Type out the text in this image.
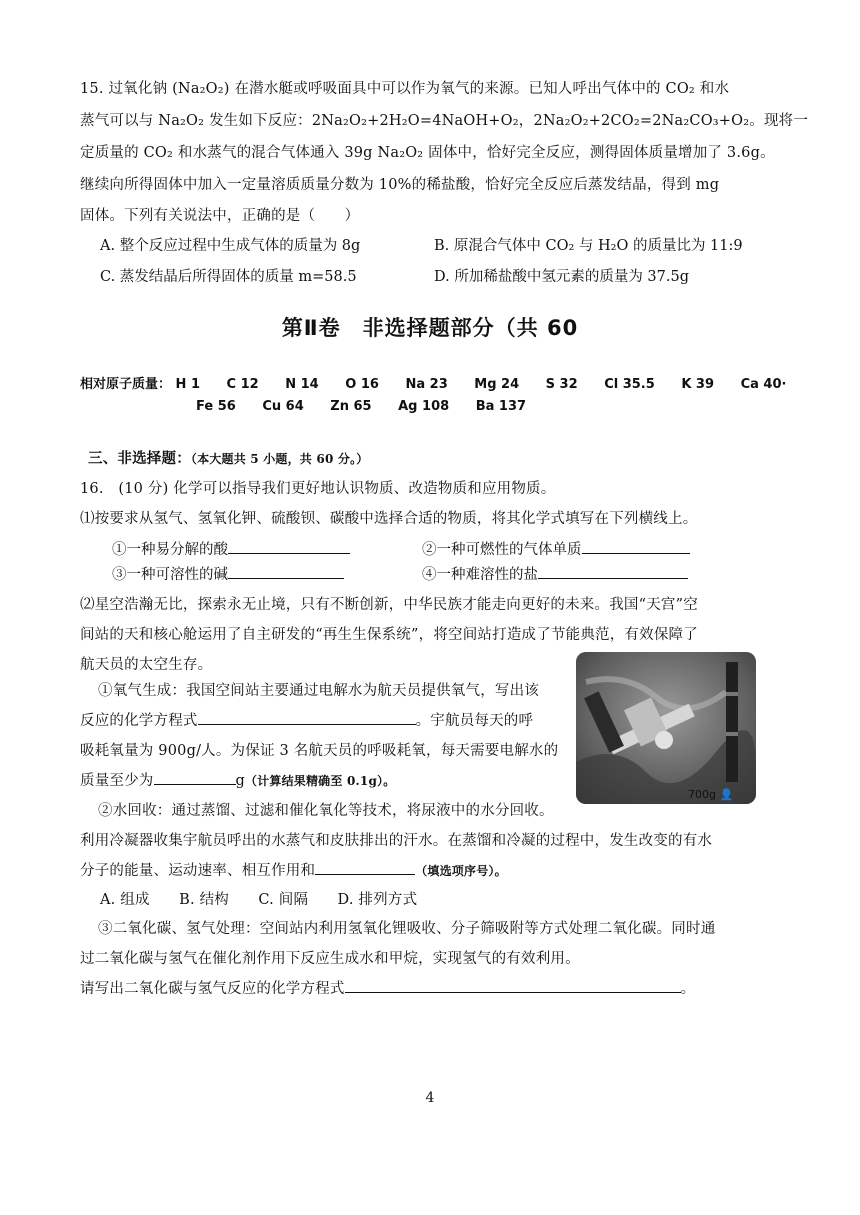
15. 过氧化钠 (Na₂O₂) 在潜水艇或呼吸面具中可以作为氧气的来源。已知人呼出气体中的 CO₂ 和水
蒸气可以与 Na₂O₂ 发生如下反应：2Na₂O₂+2H₂O=4NaOH+O₂，2Na₂O₂+2CO₂=2Na₂CO₃+O₂。现将一
定质量的 CO₂ 和水蒸气的混合气体通入 39g Na₂O₂ 固体中，恰好完全反应，测得固体质量增加了 3.6g。
继续向所得固体中加入一定量溶质质量分数为 10%的稀盐酸，恰好完全反应后蒸发结晶，得到 mg
固体。下列有关说法中，正确的是（　　）
A. 整个反应过程中生成气体的质量为 8g	B. 原混合气体中 CO₂ 与 H₂O 的质量比为 11:9
C. 蒸发结晶后所得固体的质量 m=58.5	D. 所加稀盐酸中氢元素的质量为 37.5g
第Ⅱ卷　非选择题部分（共 60
相对原子质量： H 1 C 12 N 14 O 16 Na 23 Mg 24 S 32 Cl 35.5 K 39 Ca 40·
Fe 56 Cu 64 Zn 65 Ag 108 Ba 137
三、非选择题：（本大题共 5 小题，共 60 分。）
16.　(10 分) 化学可以指导我们更好地认识物质、改造物质和应用物质。
⑴按要求从氢气、氢氧化钾、硫酸钡、碳酸中选择合适的物质，将其化学式填写在下列横线上。
①一种易分解的酸	②一种可燃性的气体单质
③一种可溶性的碱	④一种难溶性的盐
⑵星空浩瀚无比，探索永无止境，只有不断创新，中华民族才能走向更好的未来。我国“天宫”空
间站的天和核心舱运用了自主研发的“再生生保系统”，将空间站打造成了节能典范，有效保障了
航天员的太空生存。
700g 👤
①氧气生成：我国空间站主要通过电解水为航天员提供氧气，写出该
反应的化学方程式	。宇航员每天的呼
吸耗氧量为 900g/人。为保证 3 名航天员的呼吸耗氧，每天需要电解水的
质量至少为	g（计算结果精确至 0.1g）。
②水回收：通过蒸馏、过滤和催化氧化等技术，将尿液中的水分回收。
利用冷凝器收集宇航员呼出的水蒸气和皮肤排出的汗水。在蒸馏和冷凝的过程中，发生改变的有水
分子的能量、运动速率、相互作用和	（填选项序号）。
A. 组成　　B. 结构　　C. 间隔　　D. 排列方式
③二氧化碳、氢气处理：空间站内利用氢氧化锂吸收、分子筛吸附等方式处理二氧化碳。同时通
过二氧化碳与氢气在催化剂作用下反应生成水和甲烷，实现氢气的有效利用。
请写出二氧化碳与氢气反应的化学方程式	。
4
